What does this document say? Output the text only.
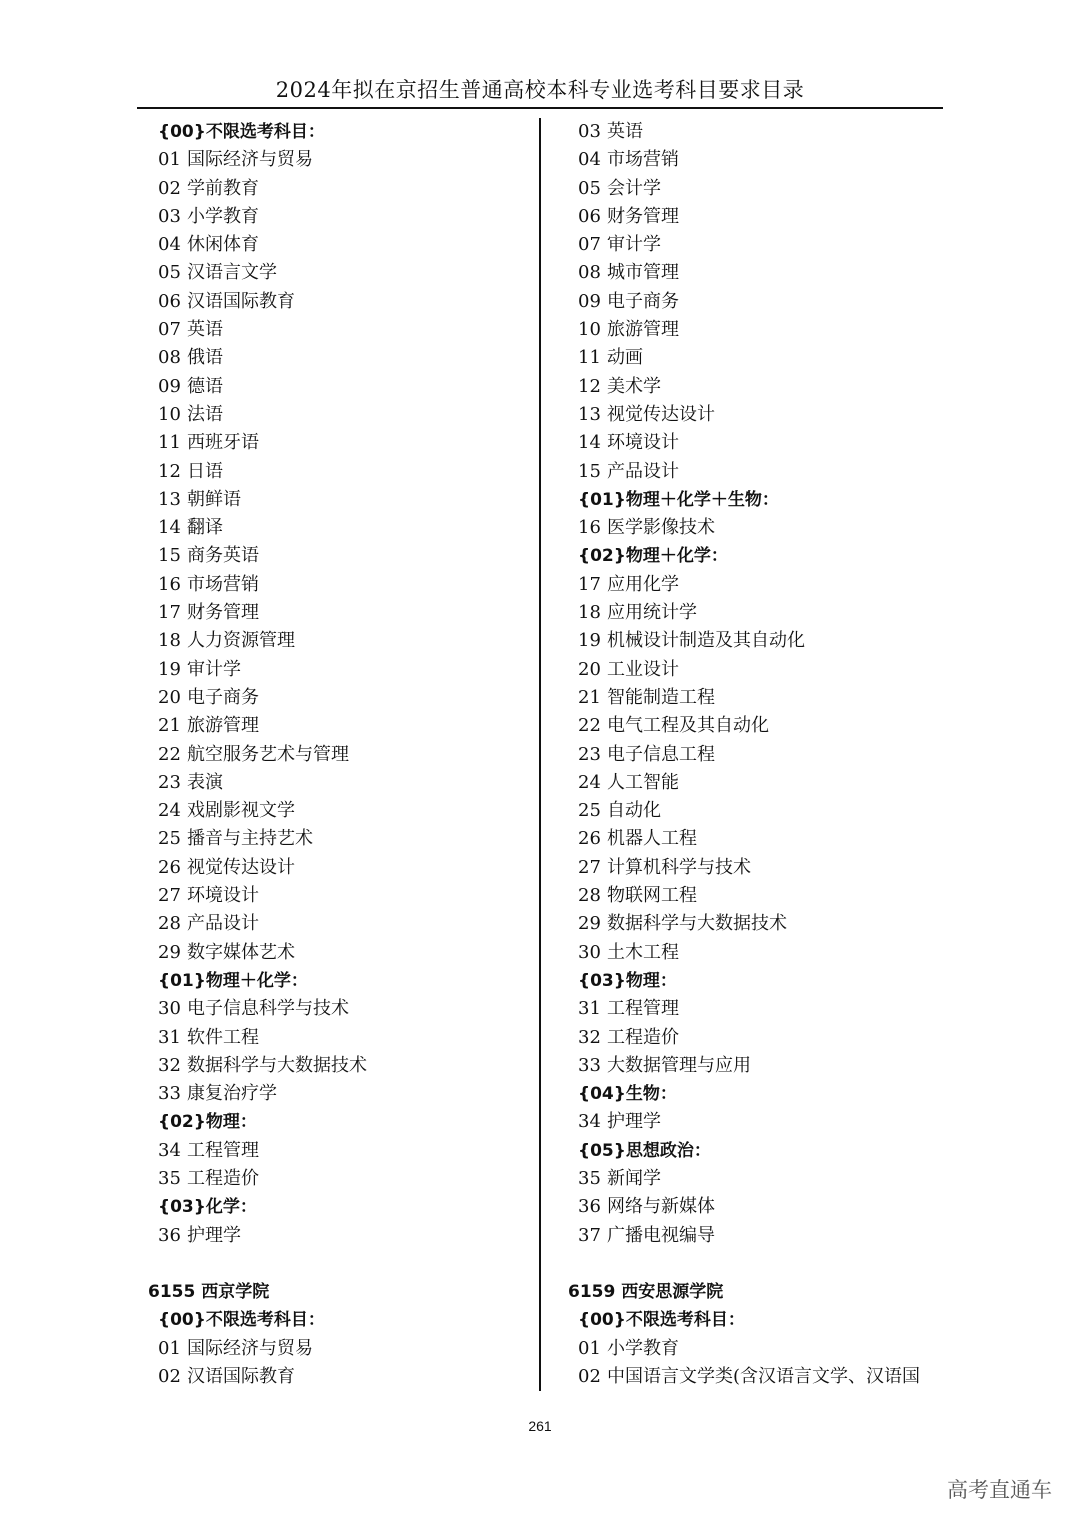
2024年拟在京招生普通高校本科专业选考科目要求目录
{00}不限选考科目：
01 国际经济与贸易
02 学前教育
03 小学教育
04 休闲体育
05 汉语言文学
06 汉语国际教育
07 英语
08 俄语
09 德语
10 法语
11 西班牙语
12 日语
13 朝鲜语
14 翻译
15 商务英语
16 市场营销
17 财务管理
18 人力资源管理
19 审计学
20 电子商务
21 旅游管理
22 航空服务艺术与管理
23 表演
24 戏剧影视文学
25 播音与主持艺术
26 视觉传达设计
27 环境设计
28 产品设计
29 数字媒体艺术
{01}物理＋化学：
30 电子信息科学与技术
31 软件工程
32 数据科学与大数据技术
33 康复治疗学
{02}物理：
34 工程管理
35 工程造价
{03}化学：
36 护理学
6155 西京学院
{00}不限选考科目：
01 国际经济与贸易
02 汉语国际教育
03 英语
04 市场营销
05 会计学
06 财务管理
07 审计学
08 城市管理
09 电子商务
10 旅游管理
11 动画
12 美术学
13 视觉传达设计
14 环境设计
15 产品设计
{01}物理＋化学＋生物：
16 医学影像技术
{02}物理＋化学：
17 应用化学
18 应用统计学
19 机械设计制造及其自动化
20 工业设计
21 智能制造工程
22 电气工程及其自动化
23 电子信息工程
24 人工智能
25 自动化
26 机器人工程
27 计算机科学与技术
28 物联网工程
29 数据科学与大数据技术
30 土木工程
{03}物理：
31 工程管理
32 工程造价
33 大数据管理与应用
{04}生物：
34 护理学
{05}思想政治：
35 新闻学
36 网络与新媒体
37 广播电视编导
6159 西安思源学院
{00}不限选考科目：
01 小学教育
02 中国语言文学类(含汉语言文学、汉语国
261
高考直通车
